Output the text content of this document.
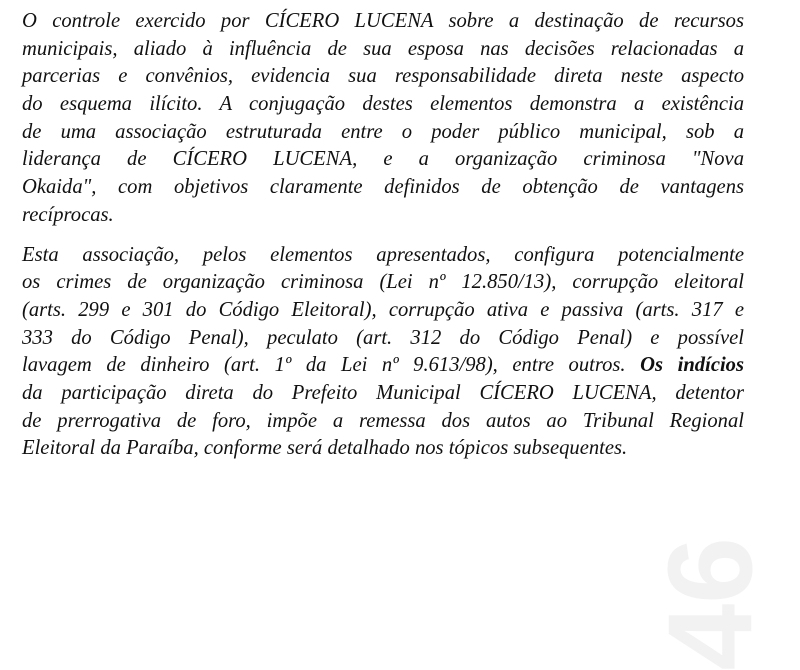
46
O controle exercido por CÍCERO LUCENA sobre a destinação de recursos
municipais, aliado à influência de sua esposa nas decisões relacionadas a
parcerias e convênios, evidencia sua responsabilidade direta neste aspecto
do esquema ilícito. A conjugação destes elementos demonstra a existência
de uma associação estruturada entre o poder público municipal, sob a
liderança de CÍCERO LUCENA, e a organização criminosa "Nova
Okaida", com objetivos claramente definidos de obtenção de vantagens
recíprocas.
Esta associação, pelos elementos apresentados, configura potencialmente
os crimes de organização criminosa (Lei nº 12.850/13), corrupção eleitoral
(arts. 299 e 301 do Código Eleitoral), corrupção ativa e passiva (arts. 317 e
333 do Código Penal), peculato (art. 312 do Código Penal) e possível
lavagem de dinheiro (art. 1º da Lei nº 9.613/98), entre outros. Os indícios
da participação direta do Prefeito Municipal CÍCERO LUCENA, detentor
de prerrogativa de foro, impõe a remessa dos autos ao Tribunal Regional
Eleitoral da Paraíba, conforme será detalhado nos tópicos subsequentes.
